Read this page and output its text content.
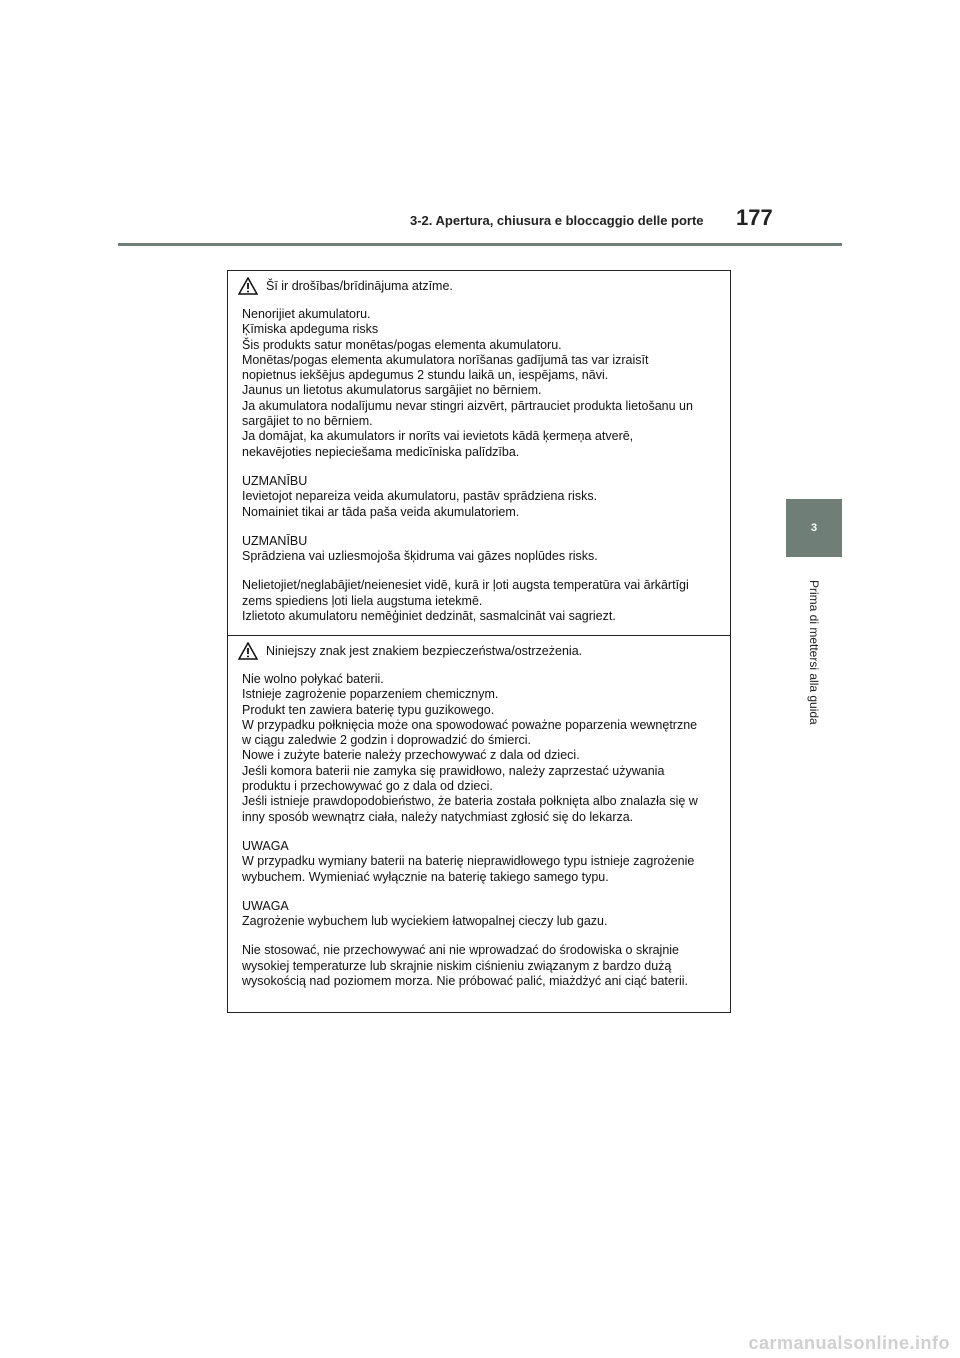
3-2. Apertura, chiusura e bloccaggio delle porte 177
3
Prima di mettersi alla guida
Šī ir drošības/brīdinājuma atzīme.
Nenorijiet akumulatoru.
Ķīmiska apdeguma risks
Šis produkts satur monētas/pogas elementa akumulatoru.
Monētas/pogas elementa akumulatora norīšanas gadījumā tas var izraisīt
nopietnus iekšējus apdegumus 2 stundu laikā un, iespējams, nāvi.
Jaunus un lietotus akumulatorus sargājiet no bērniem.
Ja akumulatora nodalījumu nevar stingri aizvērt, pārtrauciet produkta lietošanu un
sargājiet to no bērniem.
Ja domājat, ka akumulators ir norīts vai ievietots kādā ķermeņa atverē,
nekavējoties nepieciešama medicīniska palīdzība.
UZMANĪBU
Ievietojot nepareiza veida akumulatoru, pastāv sprādziena risks.
Nomainiet tikai ar tāda paša veida akumulatoriem.
UZMANĪBU
Sprādziena vai uzliesmojoša šķidruma vai gāzes noplūdes risks.
Nelietojiet/neglabājiet/neienesiet vidē, kurā ir ļoti augsta temperatūra vai ārkārtīgi
zems spiediens ļoti liela augstuma ietekmē.
Izlietoto akumulatoru nemēģiniet dedzināt, sasmalcināt vai sagriezt.
Niniejszy znak jest znakiem bezpieczeństwa/ostrzeżenia.
Nie wolno połykać baterii.
Istnieje zagrożenie poparzeniem chemicznym.
Produkt ten zawiera baterię typu guzikowego.
W przypadku połknięcia może ona spowodować poważne poparzenia wewnętrzne
w ciągu zaledwie 2 godzin i doprowadzić do śmierci.
Nowe i zużyte baterie należy przechowywać z dala od dzieci.
Jeśli komora baterii nie zamyka się prawidłowo, należy zaprzestać używania
produktu i przechowywać go z dala od dzieci.
Jeśli istnieje prawdopodobieństwo, że bateria została połknięta albo znalazła się w
inny sposób wewnątrz ciała, należy natychmiast zgłosić się do lekarza.
UWAGA
W przypadku wymiany baterii na baterię nieprawidłowego typu istnieje zagrożenie
wybuchem. Wymieniać wyłącznie na baterię takiego samego typu.
UWAGA
Zagrożenie wybuchem lub wyciekiem łatwopalnej cieczy lub gazu.
Nie stosować, nie przechowywać ani nie wprowadzać do środowiska o skrajnie
wysokiej temperaturze lub skrajnie niskim ciśnieniu związanym z bardzo dużą
wysokością nad poziomem morza. Nie próbować palić, miażdżyć ani ciąć baterii.
carmanualsonline.info
